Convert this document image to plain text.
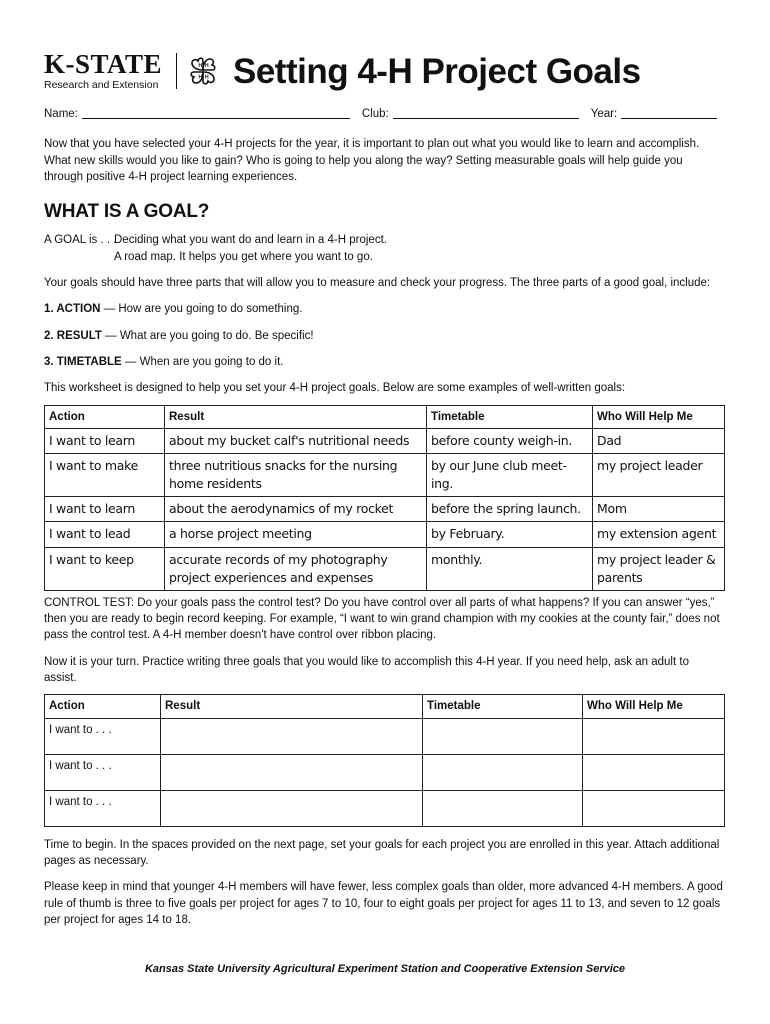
K-STATE
Research and Extension
H H
H
H Setting 4-H Project Goals
Name:	Club:	Year:

Now that you have selected your 4-H projects for the year, it is important to plan out what you would like to learn and accomplish. What new skills would you like to gain? Who is going to help you along the way? Setting measurable goals will help guide you through positive 4-H project learning experiences.

WHAT IS A GOAL?
A GOAL is . . .
Deciding what you want do and learn in a 4-H project.
A road map. It helps you get where you want to go.

Your goals should have three parts that will allow you to measure and check your progress. The three parts of a good goal, include:

1. ACTION — How are you going to do something.

2. RESULT — What are you going to do. Be specific!

3. TIMETABLE — When are you going to do it.

This worksheet is designed to help you set your 4-H project goals. Below are some examples of well-written goals:

Action	Result	Timetable	Who Will Help Me
I want to learn	about my bucket calf's nutritional needs	before county weigh-in.	Dad
I want to make	three nutritious snacks for the nursing home residents	by our June club meet-ing.	my project leader
I want to learn	about the aerodynamics of my rocket	before the spring launch.	Mom
I want to lead	a horse project meeting	by February.	my extension agent
I want to keep	accurate records of my photography project experiences and expenses	monthly.	my project leader & parents

CONTROL TEST: Do your goals pass the control test? Do you have control over all parts of what happens? If you can answer “yes,” then you are ready to begin record keeping. For example, “I want to win grand champion with my cookies at the county fair,” does not pass the control test. A 4-H member doesn't have control over ribbon placing.

Now it is your turn. Practice writing three goals that you would like to accomplish this 4-H year. If you need help, ask an adult to assist.

Action	Result	Timetable	Who Will Help Me
I want to . . .			
I want to . . .			
I want to . . .			

Time to begin. In the spaces provided on the next page, set your goals for each project you are enrolled in this year. Attach additional pages as necessary.

Please keep in mind that younger 4-H members will have fewer, less complex goals than older, more advanced 4-H members. A good rule of thumb is three to five goals per project for ages 7 to 10, four to eight goals per project for ages 11 to 13, and seven to 12 goals per project for ages 14 to 18.

Kansas State University Agricultural Experiment Station and Cooperative Extension Service
